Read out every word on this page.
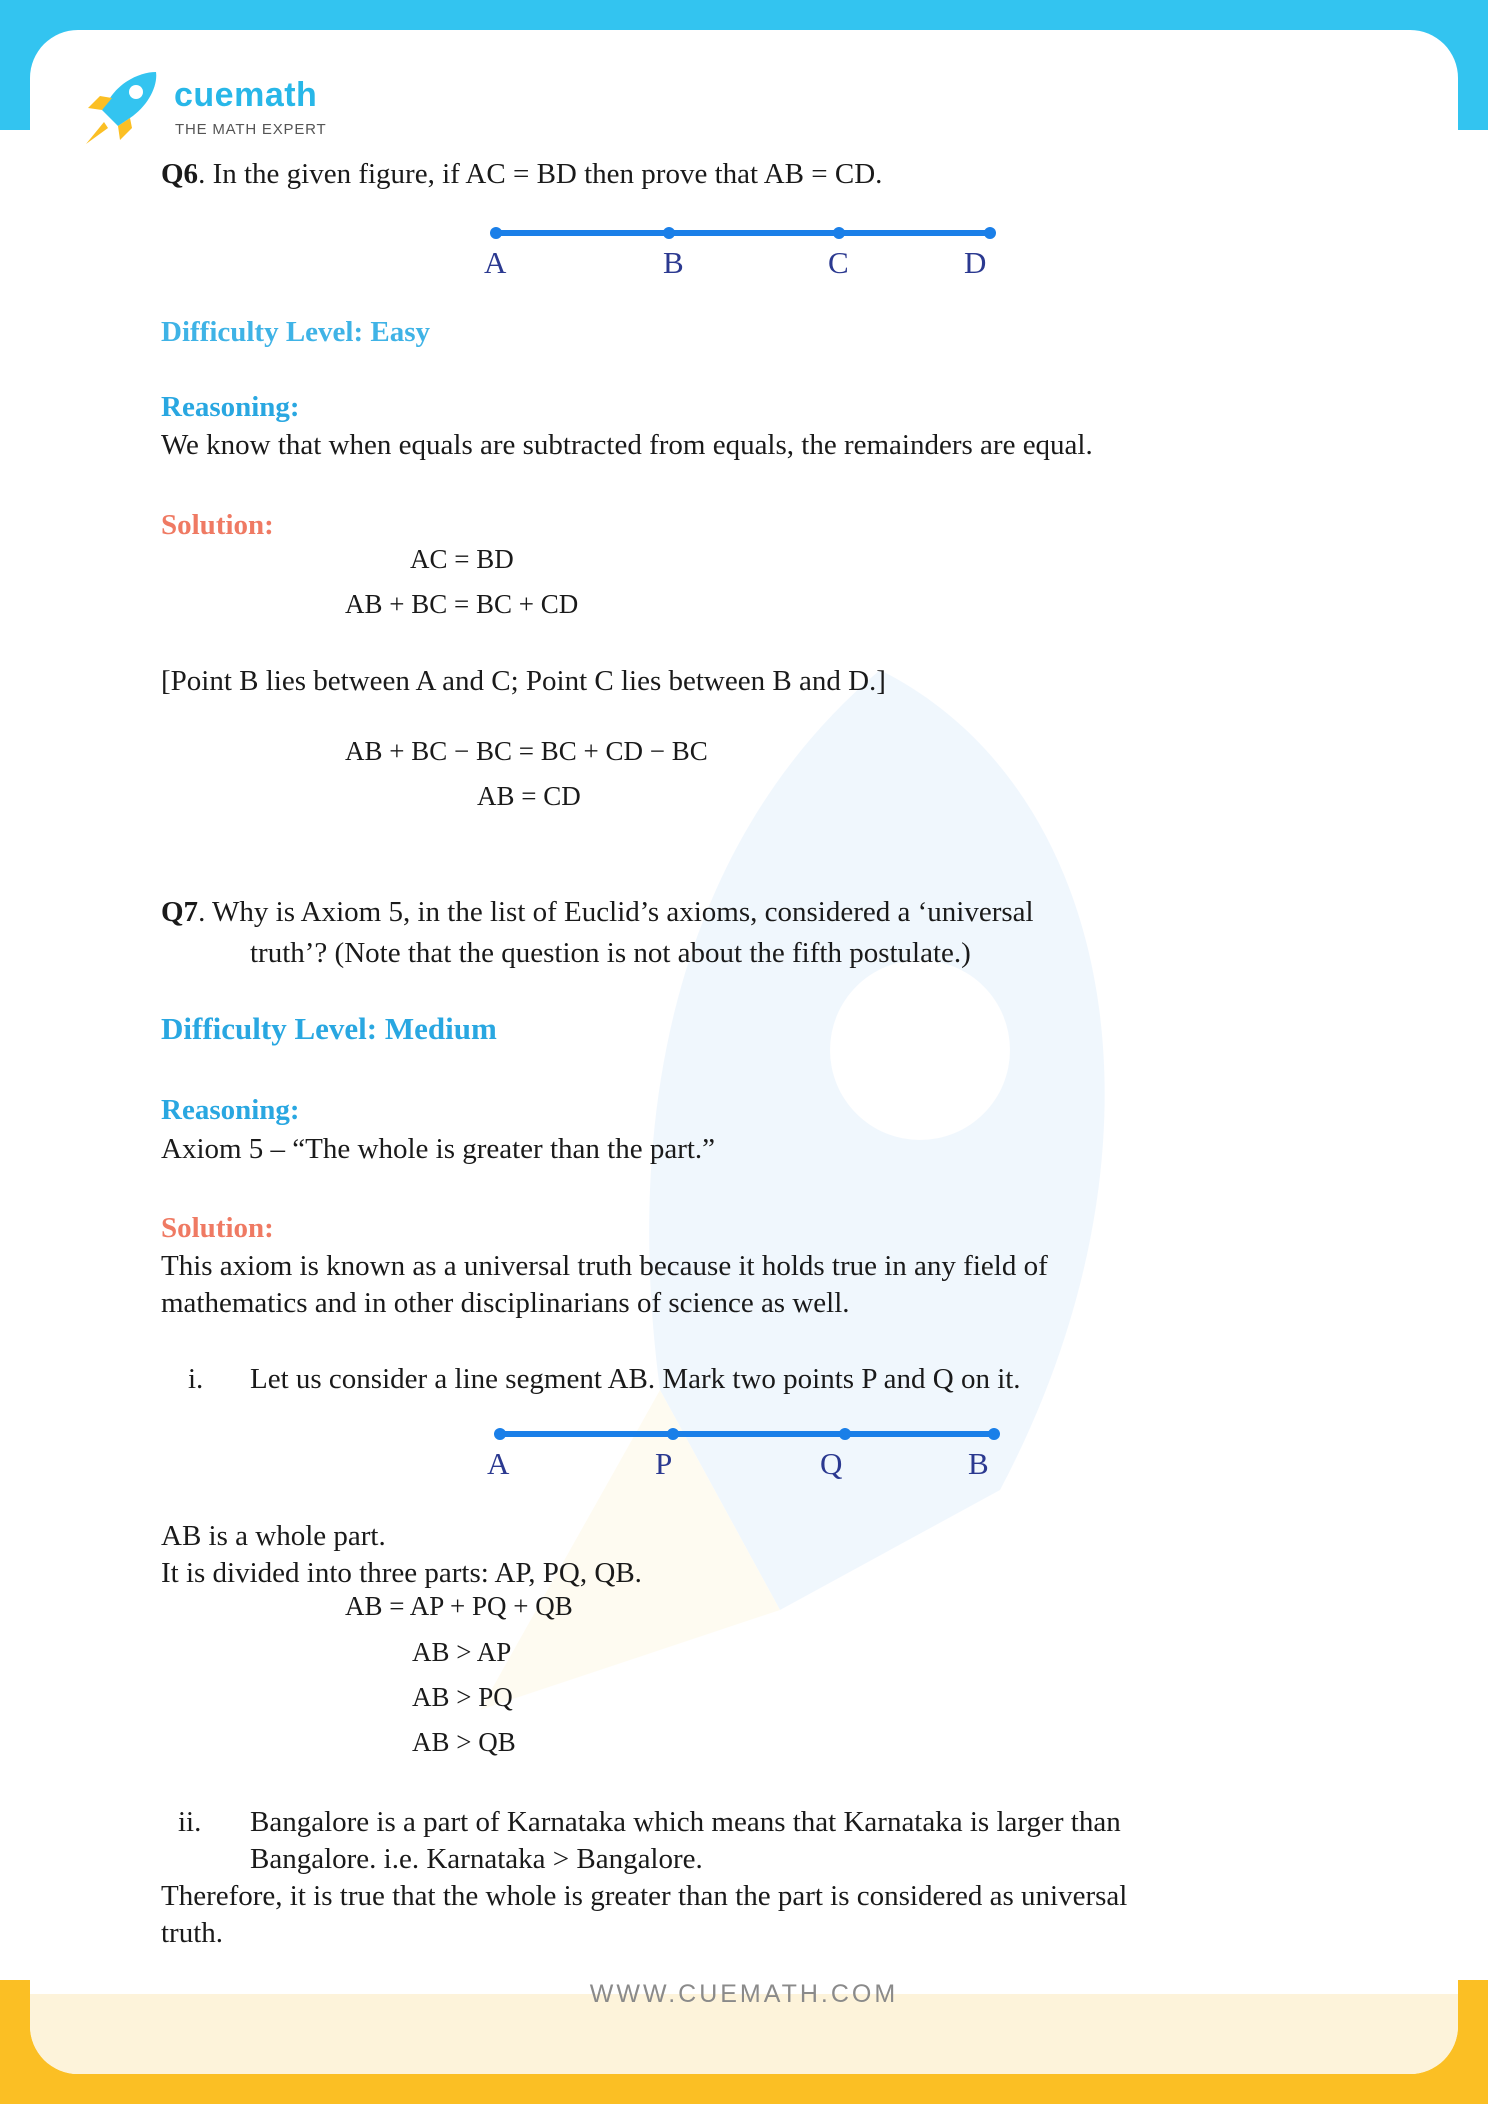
WWW.CUEMATH.COM
cuemath
THE MATH EXPERT
Q6. In the given figure, if AC = BD then prove that AB = CD.
A	B	C	D
Difficulty Level: Easy
Reasoning:
We know that when equals are subtracted from equals, the remainders are equal.
Solution:
AC = BD
AB + BC = BC + CD
[Point B lies between A and C; Point C lies between B and D.]
AB + BC − BC = BC + CD − BC
AB = CD
Q7. Why is Axiom 5, in the list of Euclid’s axioms, considered a ‘universal
truth’? (Note that the question is not about the fifth postulate.)
Difficulty Level: Medium
Reasoning:
Axiom 5 – “The whole is greater than the part.”
Solution:
This axiom is known as a universal truth because it holds true in any field of
mathematics and in other disciplinarians of science as well.
i. Let us consider a line segment AB. Mark two points P and Q on it.
A	P	Q	B
AB is a whole part.
It is divided into three parts: AP, PQ, QB.
AB = AP + PQ + QB
AB > AP
AB > PQ
AB > QB
ii. Bangalore is a part of Karnataka which means that Karnataka is larger than
Bangalore. i.e. Karnataka > Bangalore.
Therefore, it is true that the whole is greater than the part is considered as universal
truth.
